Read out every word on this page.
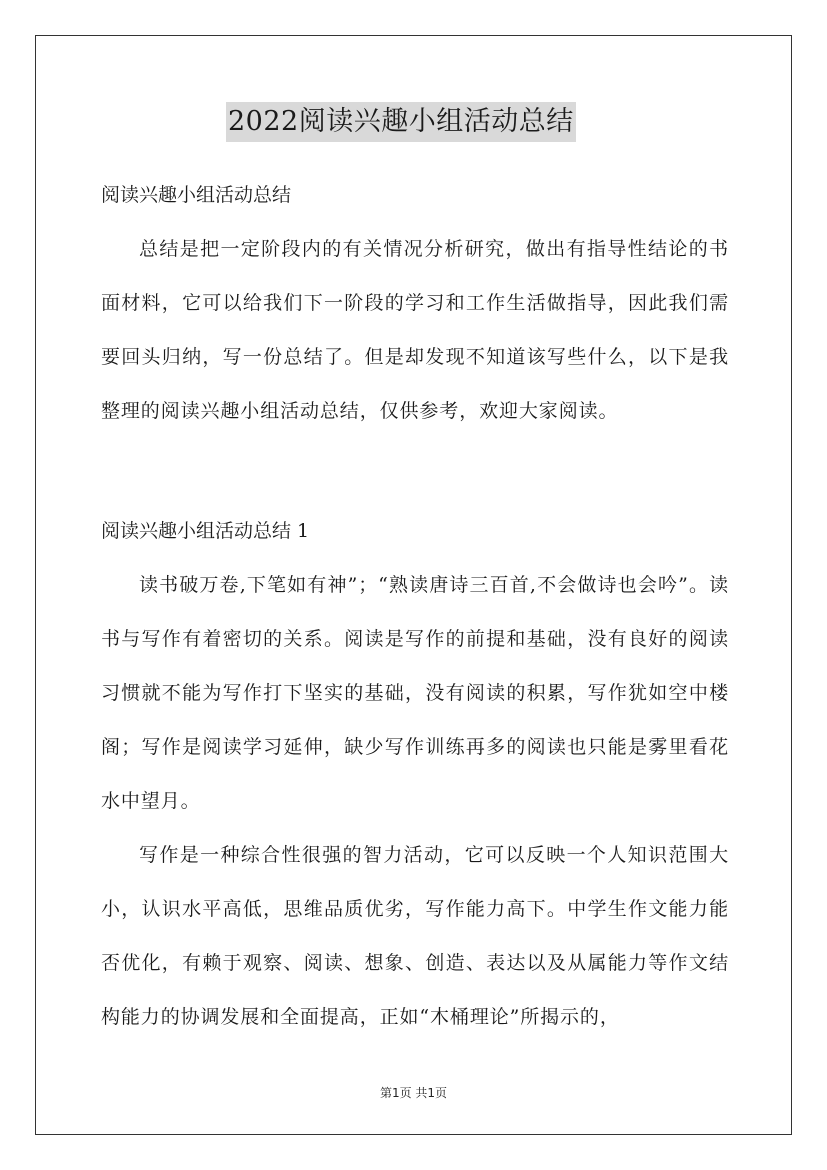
2022阅读兴趣小组活动总结
阅读兴趣小组活动总结

总结是把一定阶段内的有关情况分析研究，做出有指导性结论的书面材料，它可以给我们下一阶段的学习和工作生活做指导，因此我们需要回头归纳，写一份总结了。但是却发现不知道该写些什么，以下是我整理的阅读兴趣小组活动总结，仅供参考，欢迎大家阅读。

阅读兴趣小组活动总结 1

读书破万卷,下笔如有神”；“熟读唐诗三百首,不会做诗也会吟”。读书与写作有着密切的关系。阅读是写作的前提和基础，没有良好的阅读习惯就不能为写作打下坚实的基础，没有阅读的积累，写作犹如空中楼阁；写作是阅读学习延伸，缺少写作训练再多的阅读也只能是雾里看花水中望月。

写作是一种综合性很强的智力活动，它可以反映一个人知识范围大小，认识水平高低，思维品质优劣，写作能力高下。中学生作文能力能否优化，有赖于观察、阅读、想象、创造、表达以及从属能力等作文结构能力的协调发展和全面提高，正如“木桶理论”所揭示的，

第1页 共1页
